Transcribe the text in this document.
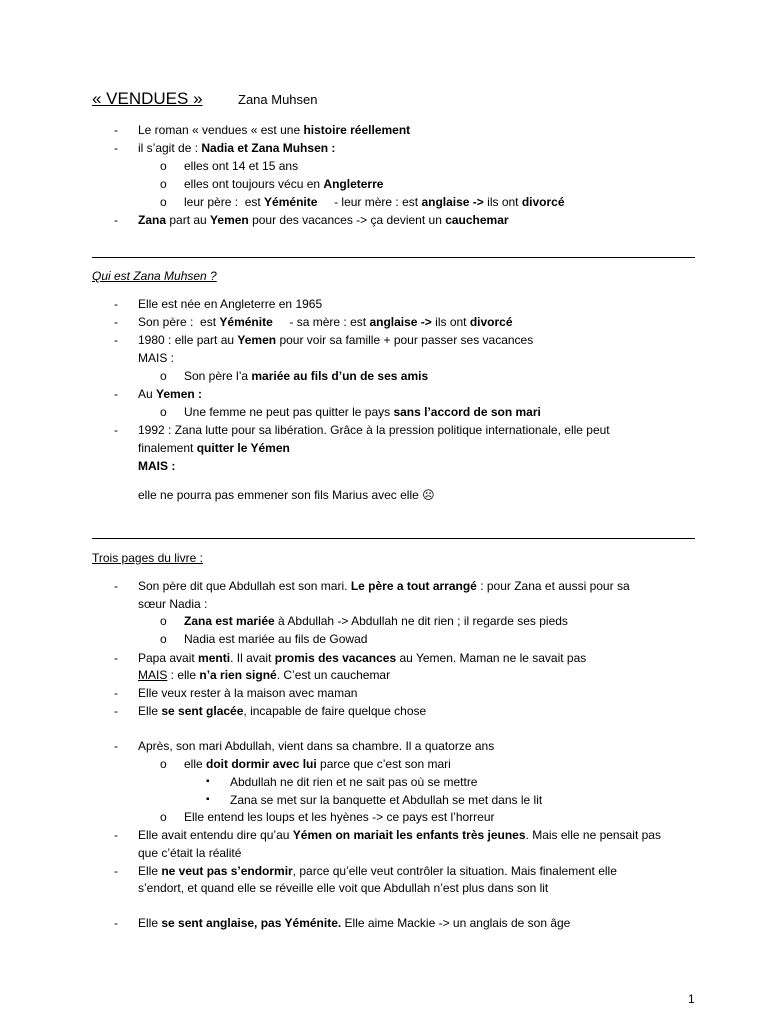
« VENDUES »	Zana Muhsen
- Le roman « vendues « est une histoire réellement
- il s’agit de : Nadia et Zana Muhsen :
o elles ont 14 et 15 ans
o elles ont toujours vécu en Angleterre
o leur père :  est Yéménite     - leur mère : est anglaise -> ils ont divorcé
- Zana part au Yemen pour des vacances -> ça devient un cauchemar
Qui est Zana Muhsen ?
- Elle est née en Angleterre en 1965
- Son père :  est Yéménite     - sa mère : est anglaise -> ils ont divorcé
- 1980 : elle part au Yemen pour voir sa famille + pour passer ses vacances
MAIS :
o Son père l’a mariée au fils d’un de ses amis
- Au Yemen :
o Une femme ne peut pas quitter le pays sans l’accord de son mari
- 1992 : Zana lutte pour sa libération. Grâce à la pression politique internationale, elle peut
finalement quitter le Yémen
MAIS :
elle ne pourra pas emmener son fils Marius avec elle ☹
Trois pages du livre :
- Son père dit que Abdullah est son mari. Le père a tout arrangé : pour Zana et aussi pour sa
sœur Nadia :
o Zana est mariée à Abdullah -> Abdullah ne dit rien ; il regarde ses pieds
o Nadia est mariée au fils de Gowad
- Papa avait menti. Il avait promis des vacances au Yemen. Maman ne le savait pas
MAIS : elle n’a rien signé. C’est un cauchemar
- Elle veux rester à la maison avec maman
- Elle se sent glacée, incapable de faire quelque chose
- Après, son mari Abdullah, vient dans sa chambre. Il a quatorze ans
o elle doit dormir avec lui parce que c’est son mari
▪ Abdullah ne dit rien et ne sait pas où se mettre
▪ Zana se met sur la banquette et Abdullah se met dans le lit
o Elle entend les loups et les hyènes -> ce pays est l’horreur
- Elle avait entendu dire qu’au Yémen on mariait les enfants très jeunes. Mais elle ne pensait pas
que c’était la réalité
- Elle ne veut pas s’endormir, parce qu’elle veut contrôler la situation. Mais finalement elle
s’endort, et quand elle se réveille elle voit que Abdullah n’est plus dans son lit
- Elle se sent anglaise, pas Yéménite. Elle aime Mackie -> un anglais de son âge
1
